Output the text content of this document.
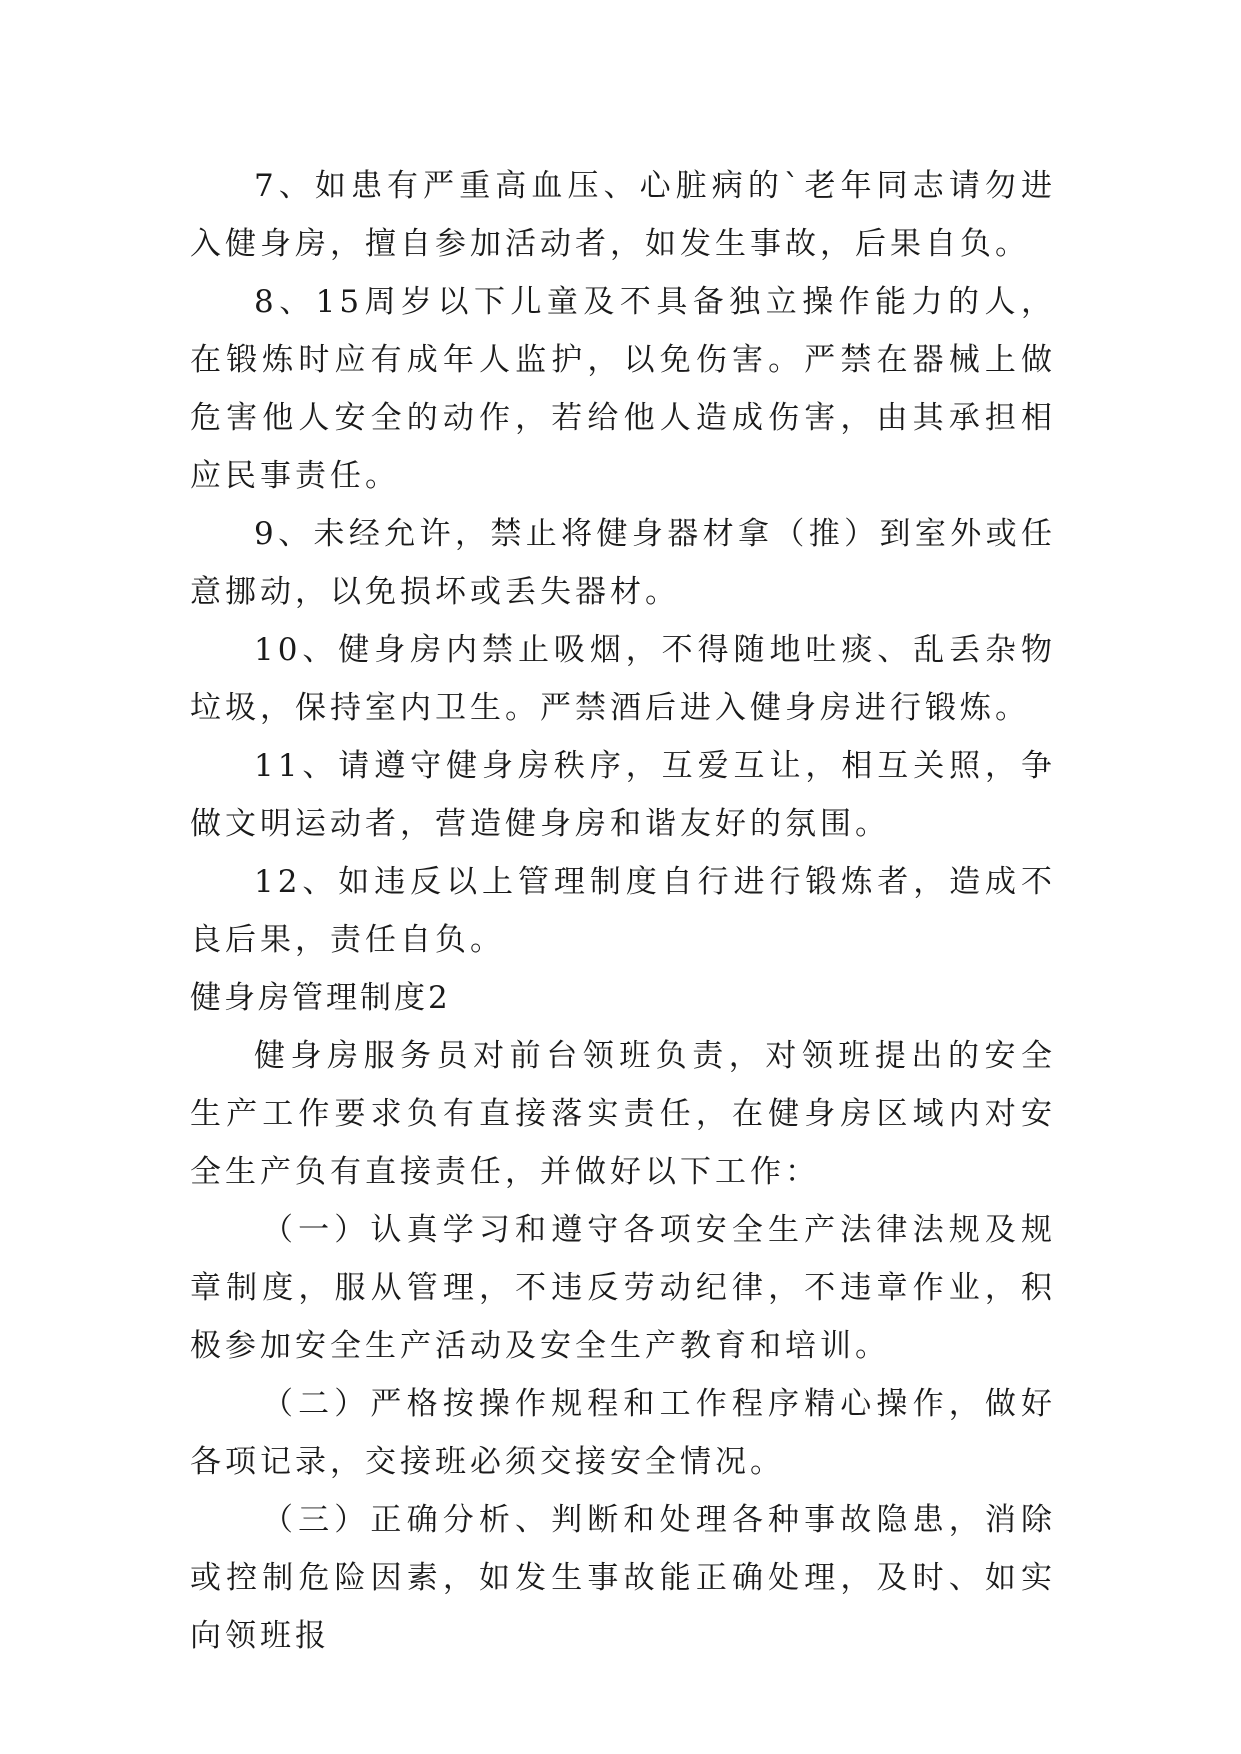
7、如患有严重高血压、心脏病的`老年同志请勿进入健身房，擅自参加活动者，如发生事故，后果自负。

8、15周岁以下儿童及不具备独立操作能力的人，在锻炼时应有成年人监护，以免伤害。严禁在器械上做危害他人安全的动作，若给他人造成伤害，由其承担相应民事责任。

9、未经允许，禁止将健身器材拿（推）到室外或任意挪动，以免损坏或丢失器材。

10、健身房内禁止吸烟，不得随地吐痰、乱丢杂物垃圾，保持室内卫生。严禁酒后进入健身房进行锻炼。

11、请遵守健身房秩序，互爱互让，相互关照，争做文明运动者，营造健身房和谐友好的氛围。

12、如违反以上管理制度自行进行锻炼者，造成不良后果，责任自负。

健身房管理制度2

健身房服务员对前台领班负责，对领班提出的安全生产工作要求负有直接落实责任，在健身房区域内对安全生产负有直接责任，并做好以下工作：

（一）认真学习和遵守各项安全生产法律法规及规章制度，服从管理，不违反劳动纪律，不违章作业，积极参加安全生产活动及安全生产教育和培训。

（二）严格按操作规程和工作程序精心操作，做好各项记录，交接班必须交接安全情况。

（三）正确分析、判断和处理各种事故隐患，消除或控制危险因素，如发生事故能正确处理，及时、如实向领班报
